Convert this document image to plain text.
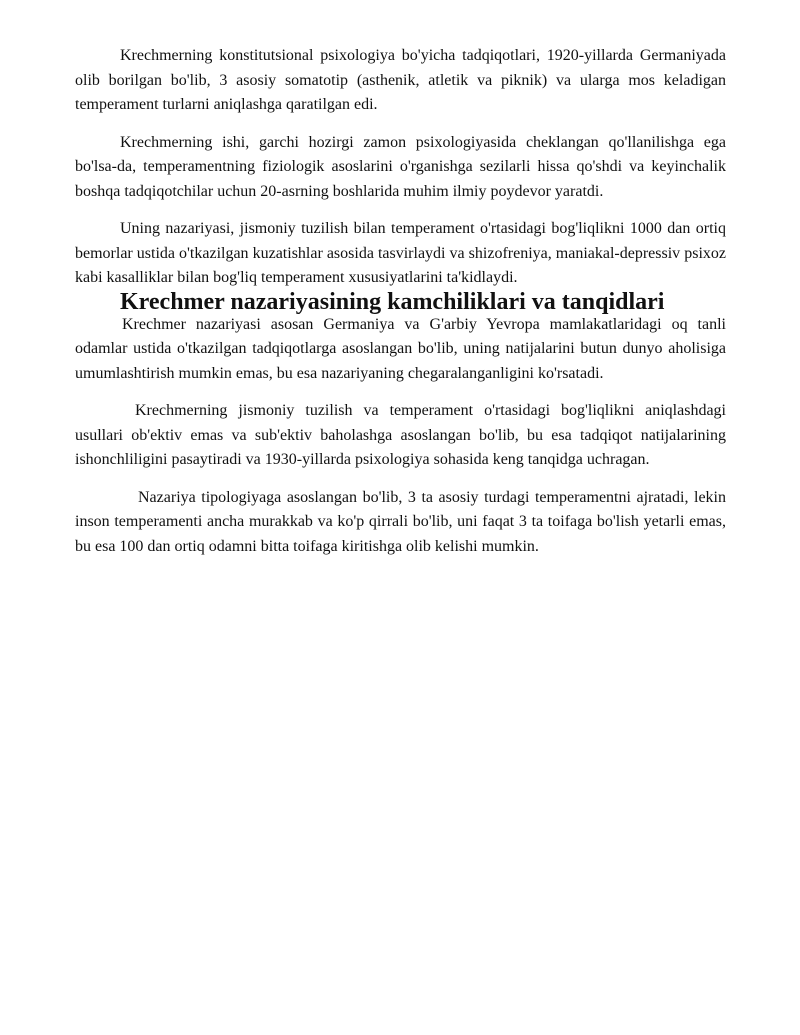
Krechmerning konstitutsional psixologiya bo'yicha tadqiqotlari, 1920-yillarda Germaniyada olib borilgan bo'lib, 3 asosiy somatotip (asthenik, atletik va piknik) va ularga mos keladigan temperament turlarni aniqlashga qaratilgan edi.

Krechmerning ishi, garchi hozirgi zamon psixologiyasida cheklangan qo'llanilishga ega bo'lsa-da, temperamentning fiziologik asoslarini o'rganishga sezilarli hissa qo'shdi va keyinchalik boshqa tadqiqotchilar uchun 20-asrning boshlarida muhim ilmiy poydevor yaratdi.

Uning nazariyasi, jismoniy tuzilish bilan temperament o'rtasidagi bog'liqlikni 1000 dan ortiq bemorlar ustida o'tkazilgan kuzatishlar asosida tasvirlaydi va shizofreniya, maniakal-depressiv psixoz kabi kasalliklar bilan bog'liq temperament xususiyatlarini ta'kidlaydi.

Krechmer nazariyasining kamchiliklari va tanqidlari

Krechmer nazariyasi asosan Germaniya va G'arbiy Yevropa mamlakatlaridagi oq tanli odamlar ustida o'tkazilgan tadqiqotlarga asoslangan bo'lib, uning natijalarini butun dunyo aholisiga umumlashtirish mumkin emas, bu esa nazariyaning chegaralanganligini ko'rsatadi.

Krechmerning jismoniy tuzilish va temperament o'rtasidagi bog'liqlikni aniqlashdagi usullari ob'ektiv emas va sub'ektiv baholashga asoslangan bo'lib, bu esa tadqiqot natijalarining ishonchliligini pasaytiradi va 1930-yillarda psixologiya sohasida keng tanqidga uchragan.

Nazariya tipologiyaga asoslangan bo'lib, 3 ta asosiy turdagi temperamentni ajratadi, lekin inson temperamenti ancha murakkab va ko'p qirrali bo'lib, uni faqat 3 ta toifaga bo'lish yetarli emas, bu esa 100 dan ortiq odamni bitta toifaga kiritishga olib kelishi mumkin.
